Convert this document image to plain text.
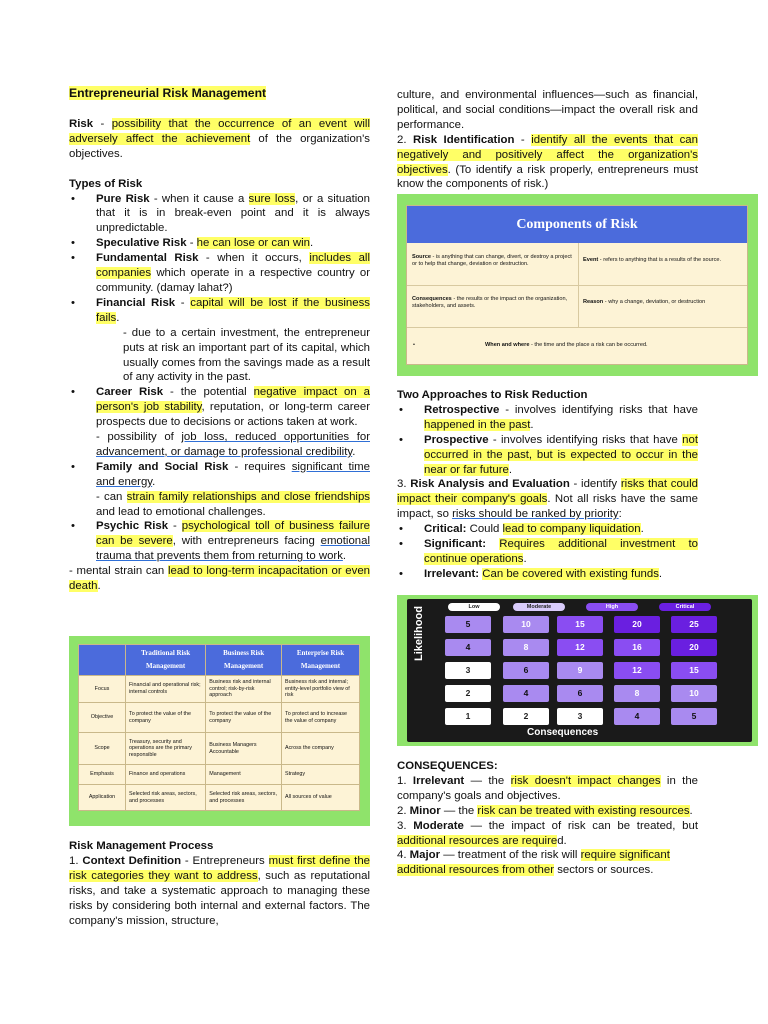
Entrepreneurial Risk Management

Risk - possibility that the occurrence of an event will adversely affect the achievement of the organization's objectives.

Types of Risk

• Pure Risk - when it cause a sure loss, or a situation that it is in break-even point and it is always unpredictable.
• Speculative Risk - he can lose or can win.
• Fundamental Risk - when it occurs, includes all companies which operate in a respective country or community. (damay lahat?)
• Financial Risk - capital will be lost if the business fails.
- due to a certain investment, the entrepreneur puts at risk an important part of its capital, which usually comes from the savings made as a result of any activity in the past.
• Career Risk - the potential negative impact on a person's job stability, reputation, or long-term career prospects due to decisions or actions taken at work.
- possibility of job loss, reduced opportunities for advancement, or damage to professional credibility.
• Family and Social Risk - requires significant time and energy.
- can strain family relationships and close friendships and lead to emotional challenges.
• Psychic Risk - psychological toll of business failure can be severe, with entrepreneurs facing emotional trauma that prevents them from returning to work.

- mental strain can lead to long-term incapacitation or even death.

	Traditional Risk Management	Business Risk Management	Enterprise Risk Management
Focus	Financial and operational risk; internal controls	Business risk and internal control; risk-by-risk approach	Business risk and internal; entity-level portfolio view of risk
Objective	To protect the value of the company	To protect the value of the company	To protect and to increase the value of company
Scope	Treasury, security and operations are the primary responsible	Business Managers Accountable	Across the company
Emphasis	Finance and operations	Management	Strategy
Application	Selected risk areas, sectors, and processes	Selected risk areas, sectors, and processes	All sources of value

Risk Management Process

1. Context Definition - Entrepreneurs must first define the risk categories they want to address, such as reputational risks, and take a systematic approach to managing these risks by considering both internal and external factors. The company's mission, structure,

culture, and environmental influences—such as financial, political, and social conditions—impact the overall risk and performance.

2. Risk Identification - identify all the events that can negatively and positively affect the organization's objectives. (To identify a risk properly, entrepreneurs must know the components of risk.)

Components of Risk
Source - is anything that can change, divert, or destroy a project or to help that change, deviation or destruction.
Event - refers to anything that is a results of the source.
Consequences - the results or the impact on the organization, stakeholders, and assets.
Reason - why a change, deviation, or destruction
•	When and where - the time and the place a risk can be occurred.

Two Approaches to Risk Reduction

• Retrospective - involves identifying risks that have happened in the past.
• Prospective - involves identifying risks that have not occurred in the past, but is expected to occur in the near or far future.

3. Risk Analysis and Evaluation - identify risks that could impact their company's goals. Not all risks have the same impact, so risks should be ranked by priority:

• Critical: Could lead to company liquidation.
• Significant: Requires additional investment to continue operations.
• Irrelevant: Can be covered with existing funds.
Likelihood
Consequences
Low	Moderate	High	Critical
5	10	15	20	25
4	8	12	16	20
3	6	9	12	15
2	4	6	8	10
1	2	3	4	5

CONSEQUENCES:

1. Irrelevant — the risk doesn't impact changes in the company's goals and objectives.

2. Minor — the risk can be treated with existing resources.

3. Moderate — the impact of risk can be treated, but additional resources are required.

4. Major — treatment of the risk will require significant additional resources from other sectors or sources.
